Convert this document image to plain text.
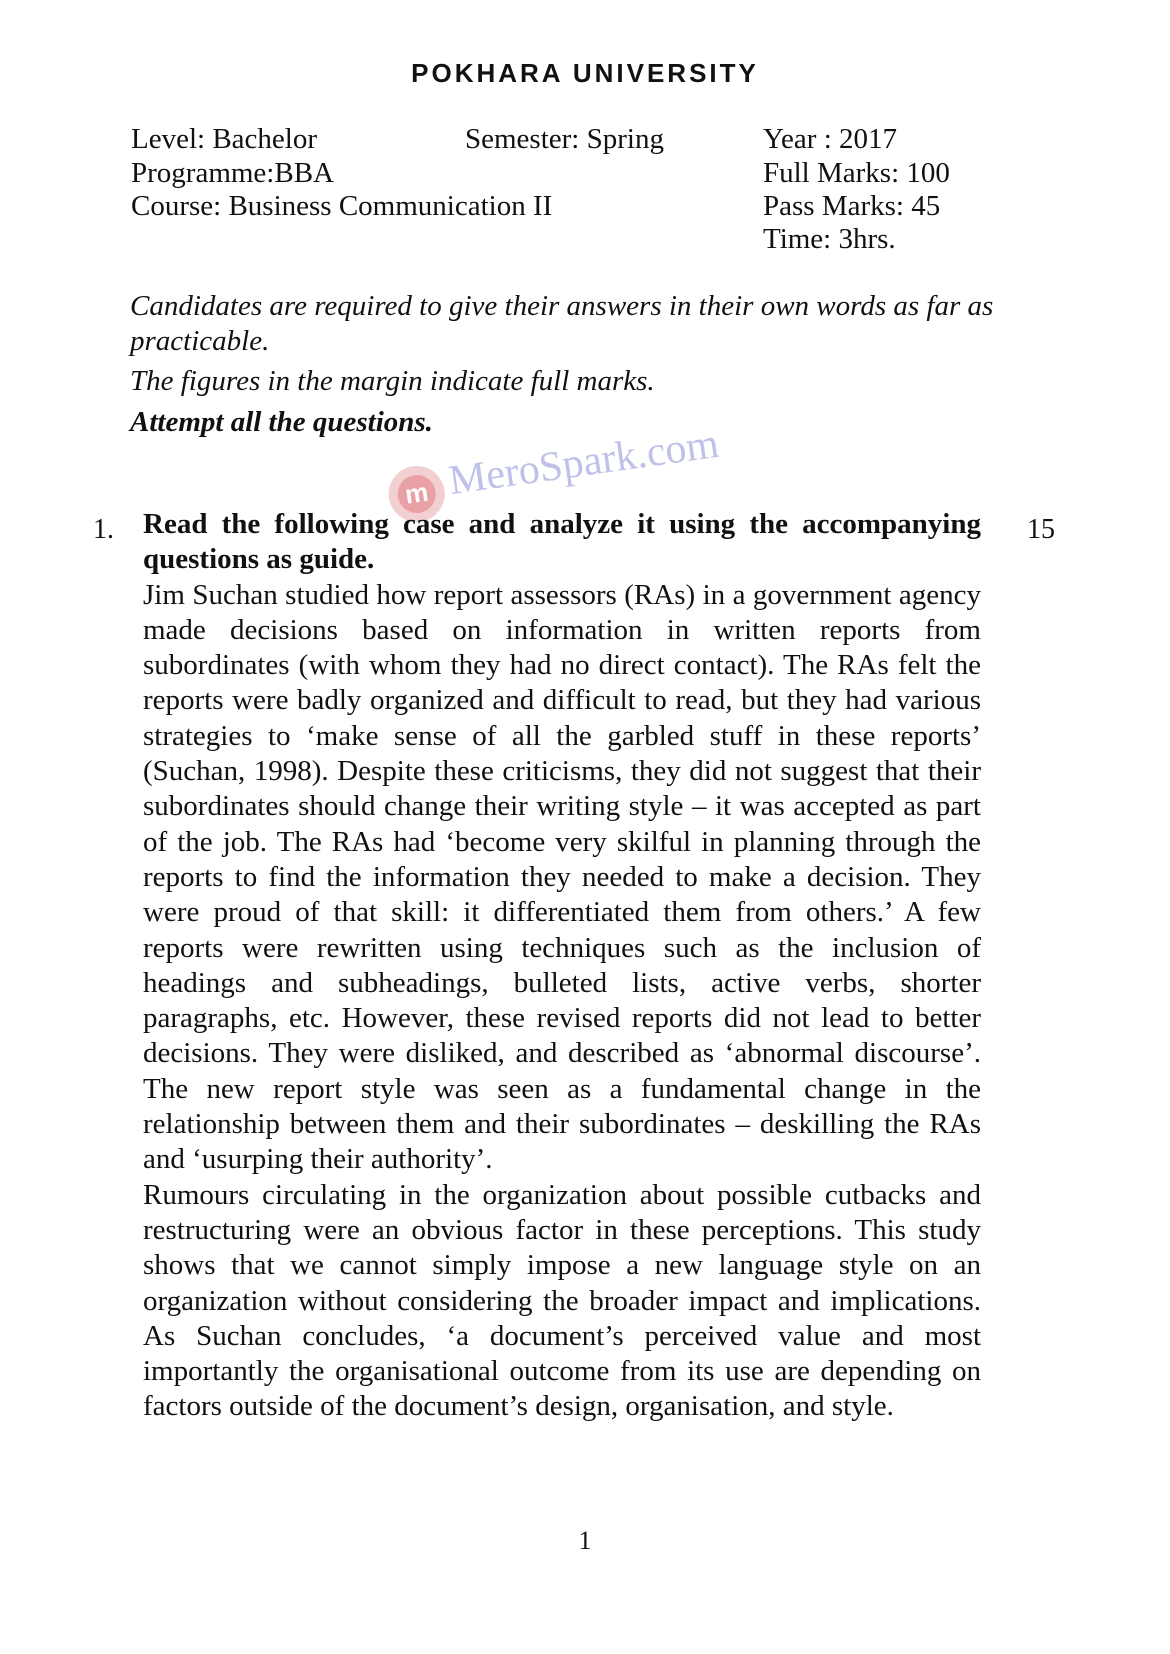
POKHARA UNIVERSITY
Level: Bachelor	Semester: Spring	Year : 2017
Programme:BBA	Full Marks: 100
Course: Business Communication II	Pass Marks: 45
Time: 3hrs.
Candidates are required to give their answers in their own words as far as practicable.
The figures in the margin indicate full marks.
Attempt all the questions.
m MeroSpark.com
1.	15

Read the following case and analyze it using the accompanying questions as guide.

Jim Suchan studied how report assessors (RAs) in a government agency made decisions based on information in written reports from subordinates (with whom they had no direct contact). The RAs felt the reports were badly organized and difficult to read, but they had various strategies to ‘make sense of all the garbled stuff in these reports’ (Suchan, 1998). Despite these criticisms, they did not suggest that their subordinates should change their writing style – it was accepted as part of the job. The RAs had ‘become very skilful in planning through the reports to find the information they needed to make a decision. They were proud of that skill: it differentiated them from others.’ A few reports were rewritten using techniques such as the inclusion of headings and subheadings, bulleted lists, active verbs, shorter paragraphs, etc. However, these revised reports did not lead to better decisions. They were disliked, and described as ‘abnormal discourse’. The new report style was seen as a fundamental change in the relationship between them and their subordinates – deskilling the RAs and ‘usurping their authority’.

Rumours circulating in the organization about possible cutbacks and restructuring were an obvious factor in these perceptions. This study shows that we cannot simply impose a new language style on an organization without considering the broader impact and implications. As Suchan concludes, ‘a document’s perceived value and most importantly the organisational outcome from its use are depending on factors outside of the document’s design, organisation, and style.

1
